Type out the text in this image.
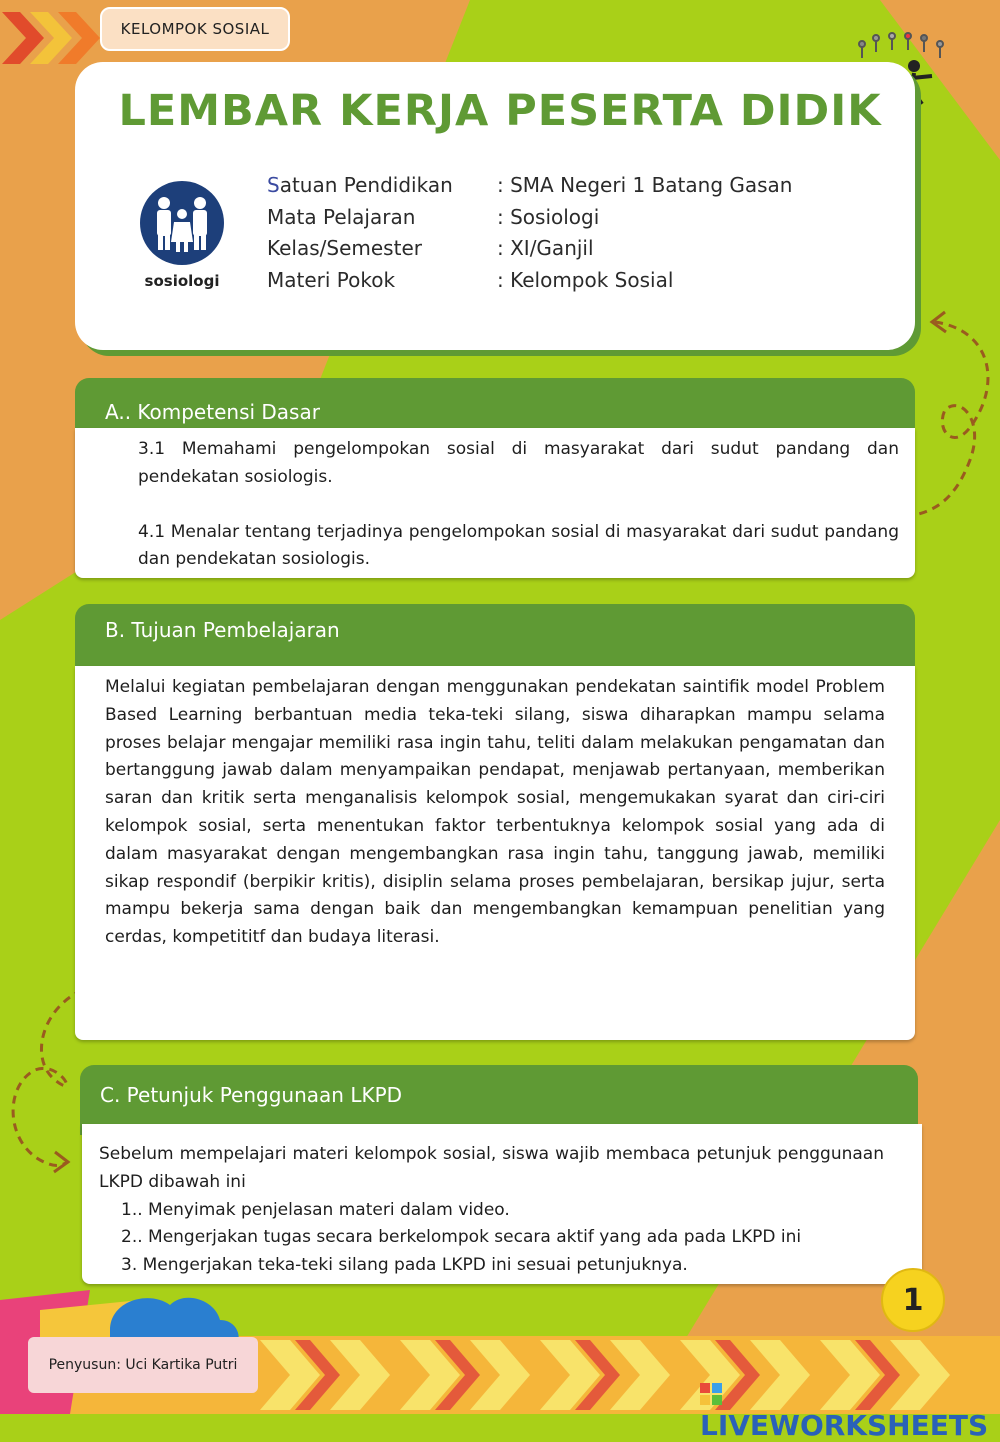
KELOMPOK SOSIAL
LEMBAR KERJA PESERTA DIDIK
sosiologi
Satuan Pendidikan	: SMA Negeri 1 Batang Gasan
Mata Pelajaran	: Sosiologi
Kelas/Semester	: XI/Ganjil
Materi Pokok	: Kelompok Sosial
A.. Kompetensi Dasar

3.1 Memahami pengelompokan sosial di masyarakat dari sudut pandang dan pendekatan sosiologis.

4.1 Menalar tentang terjadinya pengelompokan sosial di masyarakat dari sudut pandang dan pendekatan sosiologis.

B. Tujuan Pembelajaran
Melalui kegiatan pembelajaran dengan menggunakan pendekatan saintifik model Problem Based Learning berbantuan media teka-teki silang, siswa diharapkan mampu selama proses belajar mengajar memiliki rasa ingin tahu, teliti dalam melakukan pengamatan dan bertanggung jawab dalam menyampaikan pendapat, menjawab pertanyaan, memberikan saran dan kritik serta menganalisis kelompok sosial, mengemukakan syarat dan ciri-ciri kelompok sosial, serta menentukan faktor terbentuknya kelompok sosial yang ada di dalam masyarakat dengan mengembangkan rasa ingin tahu, tanggung jawab, memiliki sikap respondif (berpikir kritis), disiplin selama proses pembelajaran, bersikap jujur, serta mampu bekerja sama dengan baik dan mengembangkan kemampuan penelitian yang cerdas, kompetititf dan budaya literasi.
C. Petunjuk Penggunaan LKPD
Sebelum mempelajari materi kelompok sosial, siswa wajib membaca petunjuk penggunaan LKPD dibawah ini
1.. Menyimak penjelasan materi dalam video.
2.. Mengerjakan tugas secara berkelompok secara aktif yang ada pada LKPD ini
3. Mengerjakan teka-teki silang pada LKPD ini sesuai petunjuknya.
1
Penyusun: Uci Kartika Putri
LIVEWORKSHEETS
